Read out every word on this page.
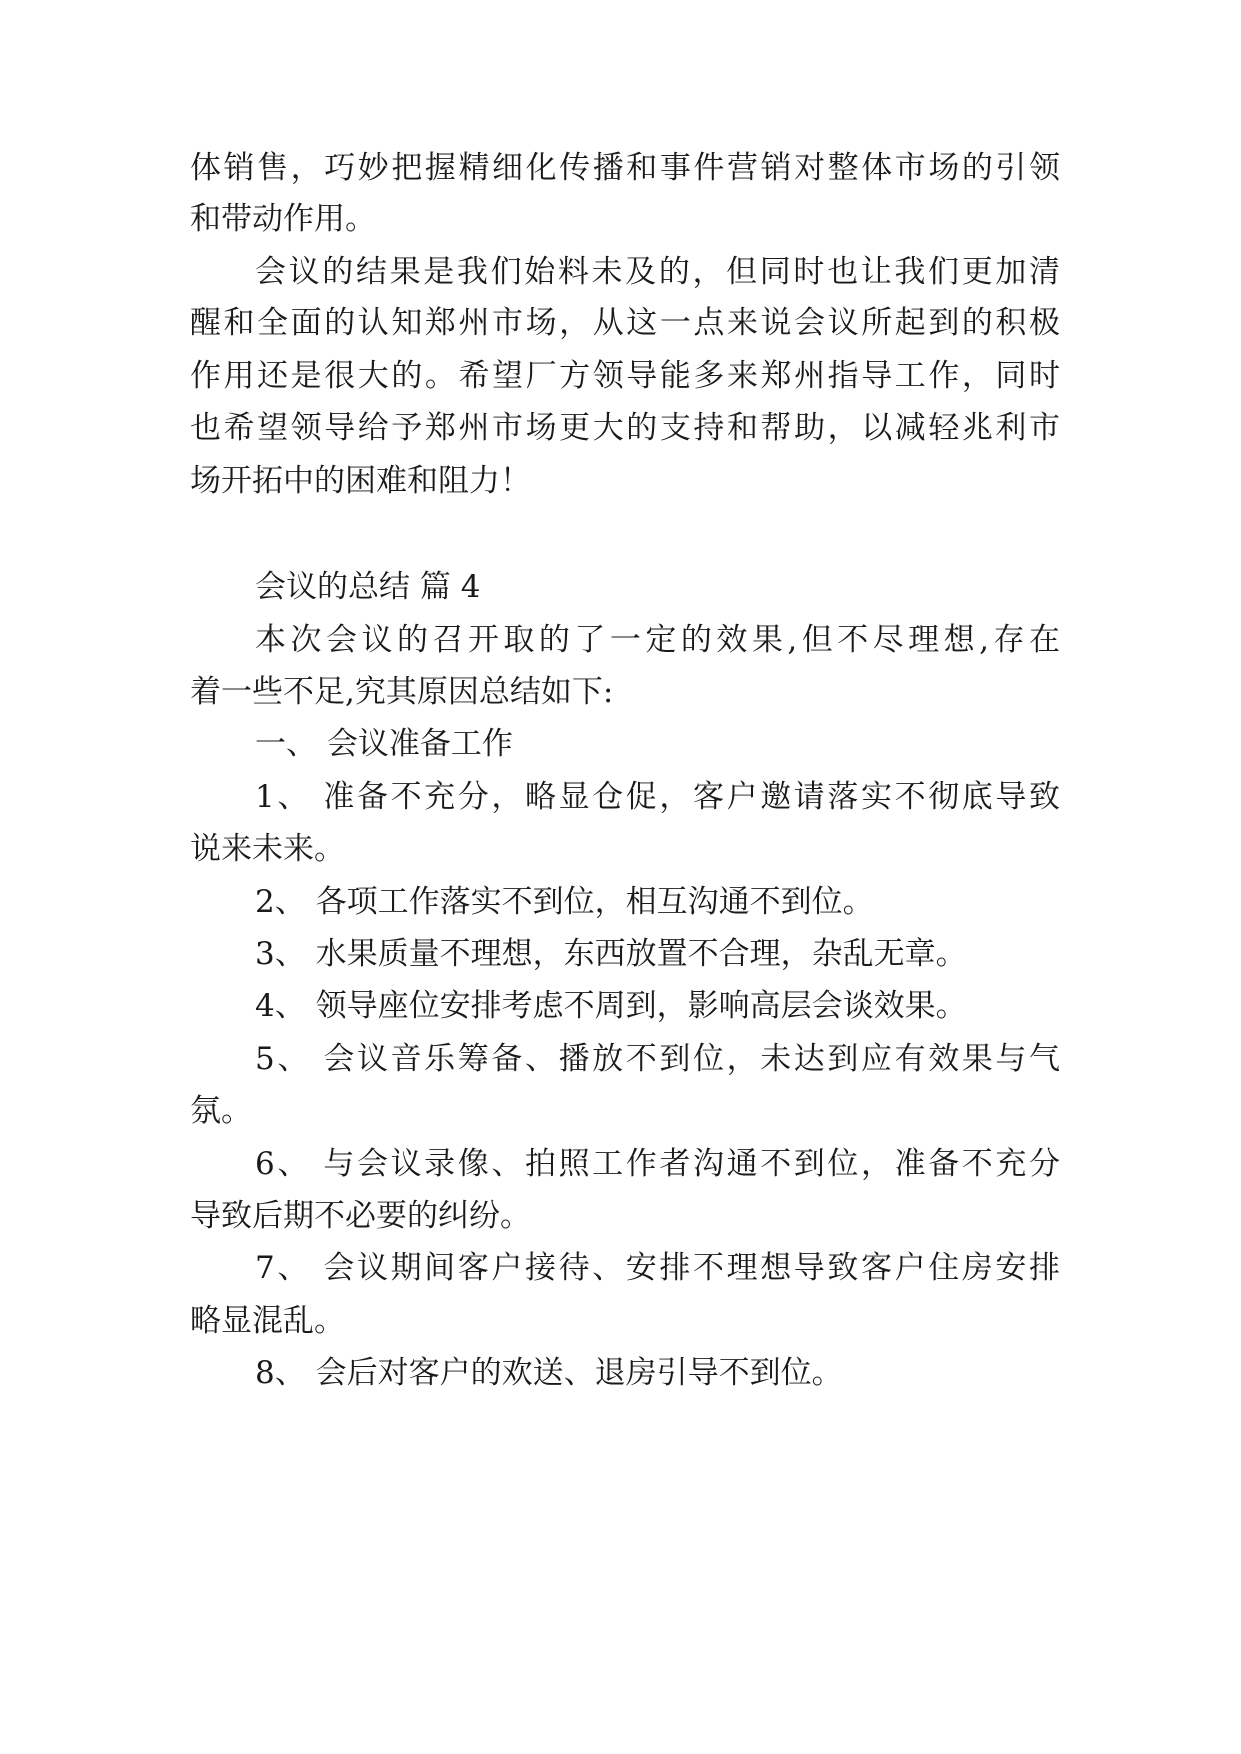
体销售，巧妙把握精细化传播和事件营销对整体市场的引领
和带动作用。
会议的结果是我们始料未及的，但同时也让我们更加清
醒和全面的认知郑州市场，从这一点来说会议所起到的积极
作用还是很大的。希望厂方领导能多来郑州指导工作，同时
也希望领导给予郑州市场更大的支持和帮助，以减轻兆利市
场开拓中的困难和阻力！
会议的总结 篇 4
本次会议的召开取的了一定的效果,但不尽理想,存在
着一些不足,究其原因总结如下:
一、 会议准备工作
1、 准备不充分，略显仓促，客户邀请落实不彻底导致
说来未来。
2、 各项工作落实不到位，相互沟通不到位。
3、 水果质量不理想，东西放置不合理，杂乱无章。
4、 领导座位安排考虑不周到，影响高层会谈效果。
5、 会议音乐筹备、播放不到位，未达到应有效果与气
氛。
6、 与会议录像、拍照工作者沟通不到位，准备不充分
导致后期不必要的纠纷。
7、 会议期间客户接待、安排不理想导致客户住房安排
略显混乱。
8、 会后对客户的欢送、退房引导不到位。
